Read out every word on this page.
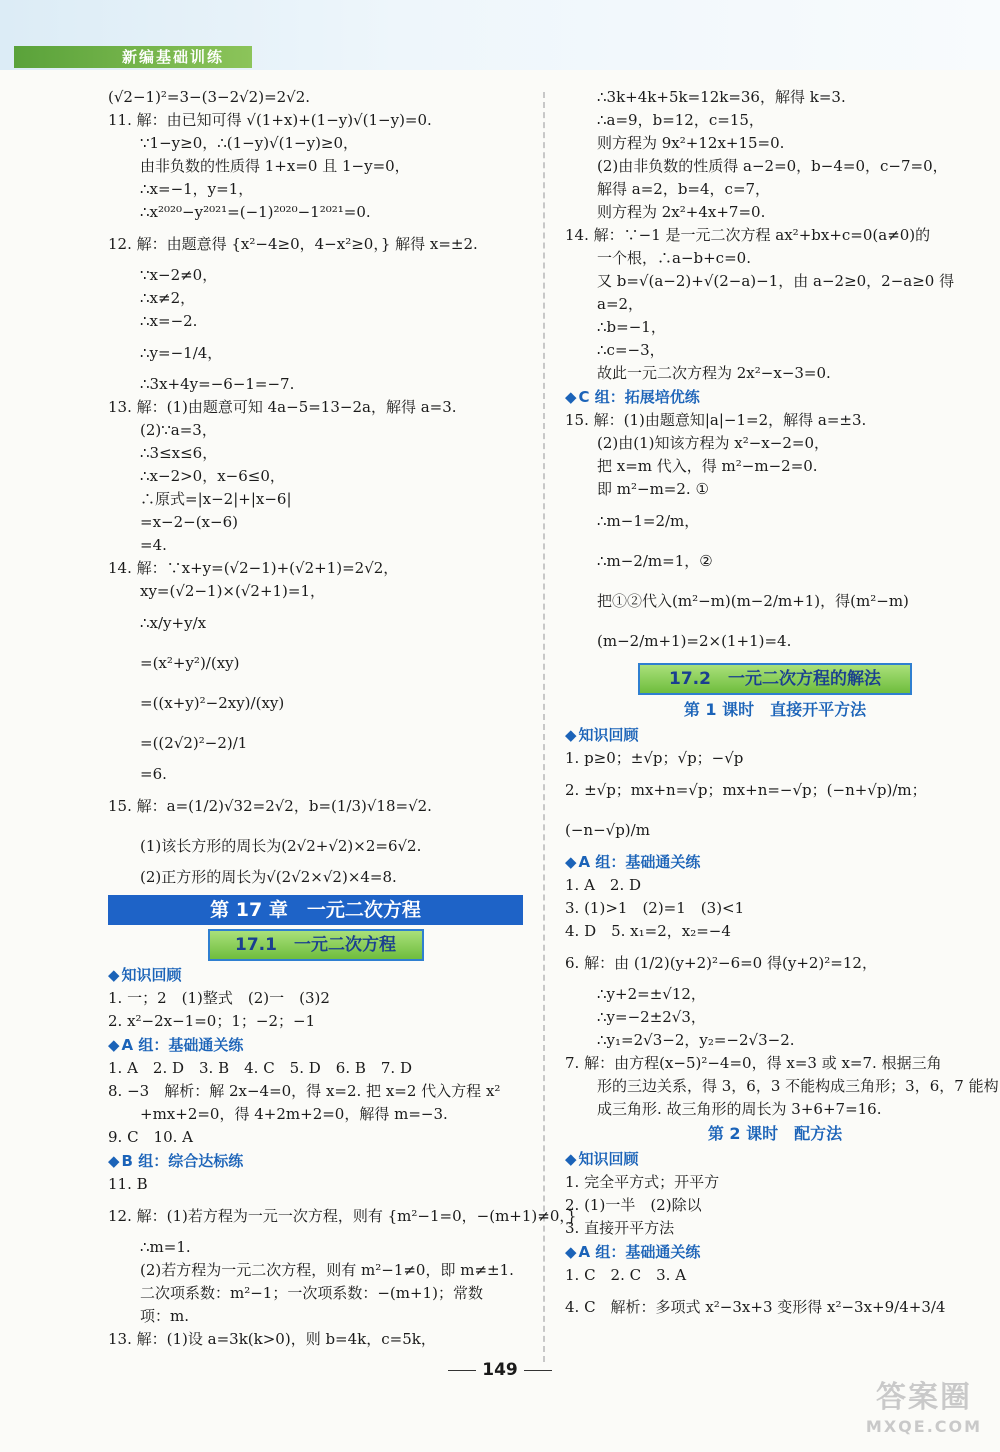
新编基础训练

(√2−1)²=3−(3−2√2)=2√2.

11. 解：由已知可得 √(1+x)+(1−y)√(1−y)=0.

∵1−y≥0，∴(1−y)√(1−y)≥0，

由非负数的性质得 1+x=0 且 1−y=0，

∴x=−1，y=1，

∴x²⁰²⁰−y²⁰²¹=(−1)²⁰²⁰−1²⁰²¹=0.

12. 解：由题意得 {x²−4≥0，4−x²≥0，} 解得 x=±2.

∵x−2≠0，

∴x≠2，

∴x=−2.

∴y=−1/4，

∴3x+4y=−6−1=−7.

13. 解：(1)由题意可知 4a−5=13−2a，解得 a=3.

(2)∵a=3，

∴3≤x≤6，

∴x−2>0，x−6≤0，

∴原式=|x−2|+|x−6|

=x−2−(x−6)

=4.

14. 解：∵x+y=(√2−1)+(√2+1)=2√2，

xy=(√2−1)×(√2+1)=1，

∴x/y+y/x

=(x²+y²)/(xy)

=((x+y)²−2xy)/(xy)

=((2√2)²−2)/1

=6.

15. 解：a=(1/2)√32=2√2，b=(1/3)√18=√2.

(1)该长方形的周长为(2√2+√2)×2=6√2.

(2)正方形的周长为√(2√2×√2)×4=8.

第 17 章　一元二次方程
17.1　一元二次方程
◆ 知识回顾

1. 一；2　(1)整式　(2)一　(3)2

2. x²−2x−1=0；1；−2；−1

◆ A 组：基础通关练

1. A　2. D　3. B　4. C　5. D　6. B　7. D

8. −3　解析：解 2x−4=0，得 x=2. 把 x=2 代入方程 x²

+mx+2=0，得 4+2m+2=0，解得 m=−3.

9. C　10. A

◆ B 组：综合达标练

11. B

12. 解：(1)若方程为一元一次方程，则有 {m²−1=0，−(m+1)≠0，}

∴m=1.

(2)若方程为一元二次方程，则有 m²−1≠0，即 m≠±1.

二次项系数：m²−1；一次项系数：−(m+1)；常数

项：m.

13. 解：(1)设 a=3k(k>0)，则 b=4k，c=5k，

∴3k+4k+5k=12k=36，解得 k=3.

∴a=9，b=12，c=15，

则方程为 9x²+12x+15=0.

(2)由非负数的性质得 a−2=0，b−4=0，c−7=0，

解得 a=2，b=4，c=7，

则方程为 2x²+4x+7=0.

14. 解：∵−1 是一元二次方程 ax²+bx+c=0(a≠0)的

一个根，∴a−b+c=0.

又 b=√(a−2)+√(2−a)−1，由 a−2≥0，2−a≥0 得

a=2，

∴b=−1，

∴c=−3，

故此一元二次方程为 2x²−x−3=0.

◆ C 组：拓展培优练

15. 解：(1)由题意知|a|−1=2，解得 a=±3.

(2)由(1)知该方程为 x²−x−2=0，

把 x=m 代入，得 m²−m−2=0.

即 m²−m=2. ①

∴m−1=2/m，

∴m−2/m=1，②

把①②代入(m²−m)(m−2/m+1)，得(m²−m)

(m−2/m+1)=2×(1+1)=4.

17.2　一元二次方程的解法
第 1 课时　直接开平方法
◆ 知识回顾

1. p≥0；±√p；√p；−√p

2. ±√p；mx+n=√p；mx+n=−√p；(−n+√p)/m；

(−n−√p)/m

◆ A 组：基础通关练

1. A　2. D

3. (1)>1　(2)=1　(3)<1

4. D　5. x₁=2，x₂=−4

6. 解：由 (1/2)(y+2)²−6=0 得(y+2)²=12，

∴y+2=±√12，

∴y=−2±2√3，

∴y₁=2√3−2，y₂=−2√3−2.

7. 解：由方程(x−5)²−4=0，得 x=3 或 x=7. 根据三角

形的三边关系，得 3，6，3 不能构成三角形；3，6，7 能构

成三角形. 故三角形的周长为 3+6+7=16.

第 2 课时　配方法
◆ 知识回顾

1. 完全平方式；开平方

2. (1)一半　(2)除以

3. 直接开平方法

◆ A 组：基础通关练

1. C　2. C　3. A

4. C　解析：多项式 x²−3x+3 变形得 x²−3x+9/4+3/4

149
答案圈
MXQE.COM
